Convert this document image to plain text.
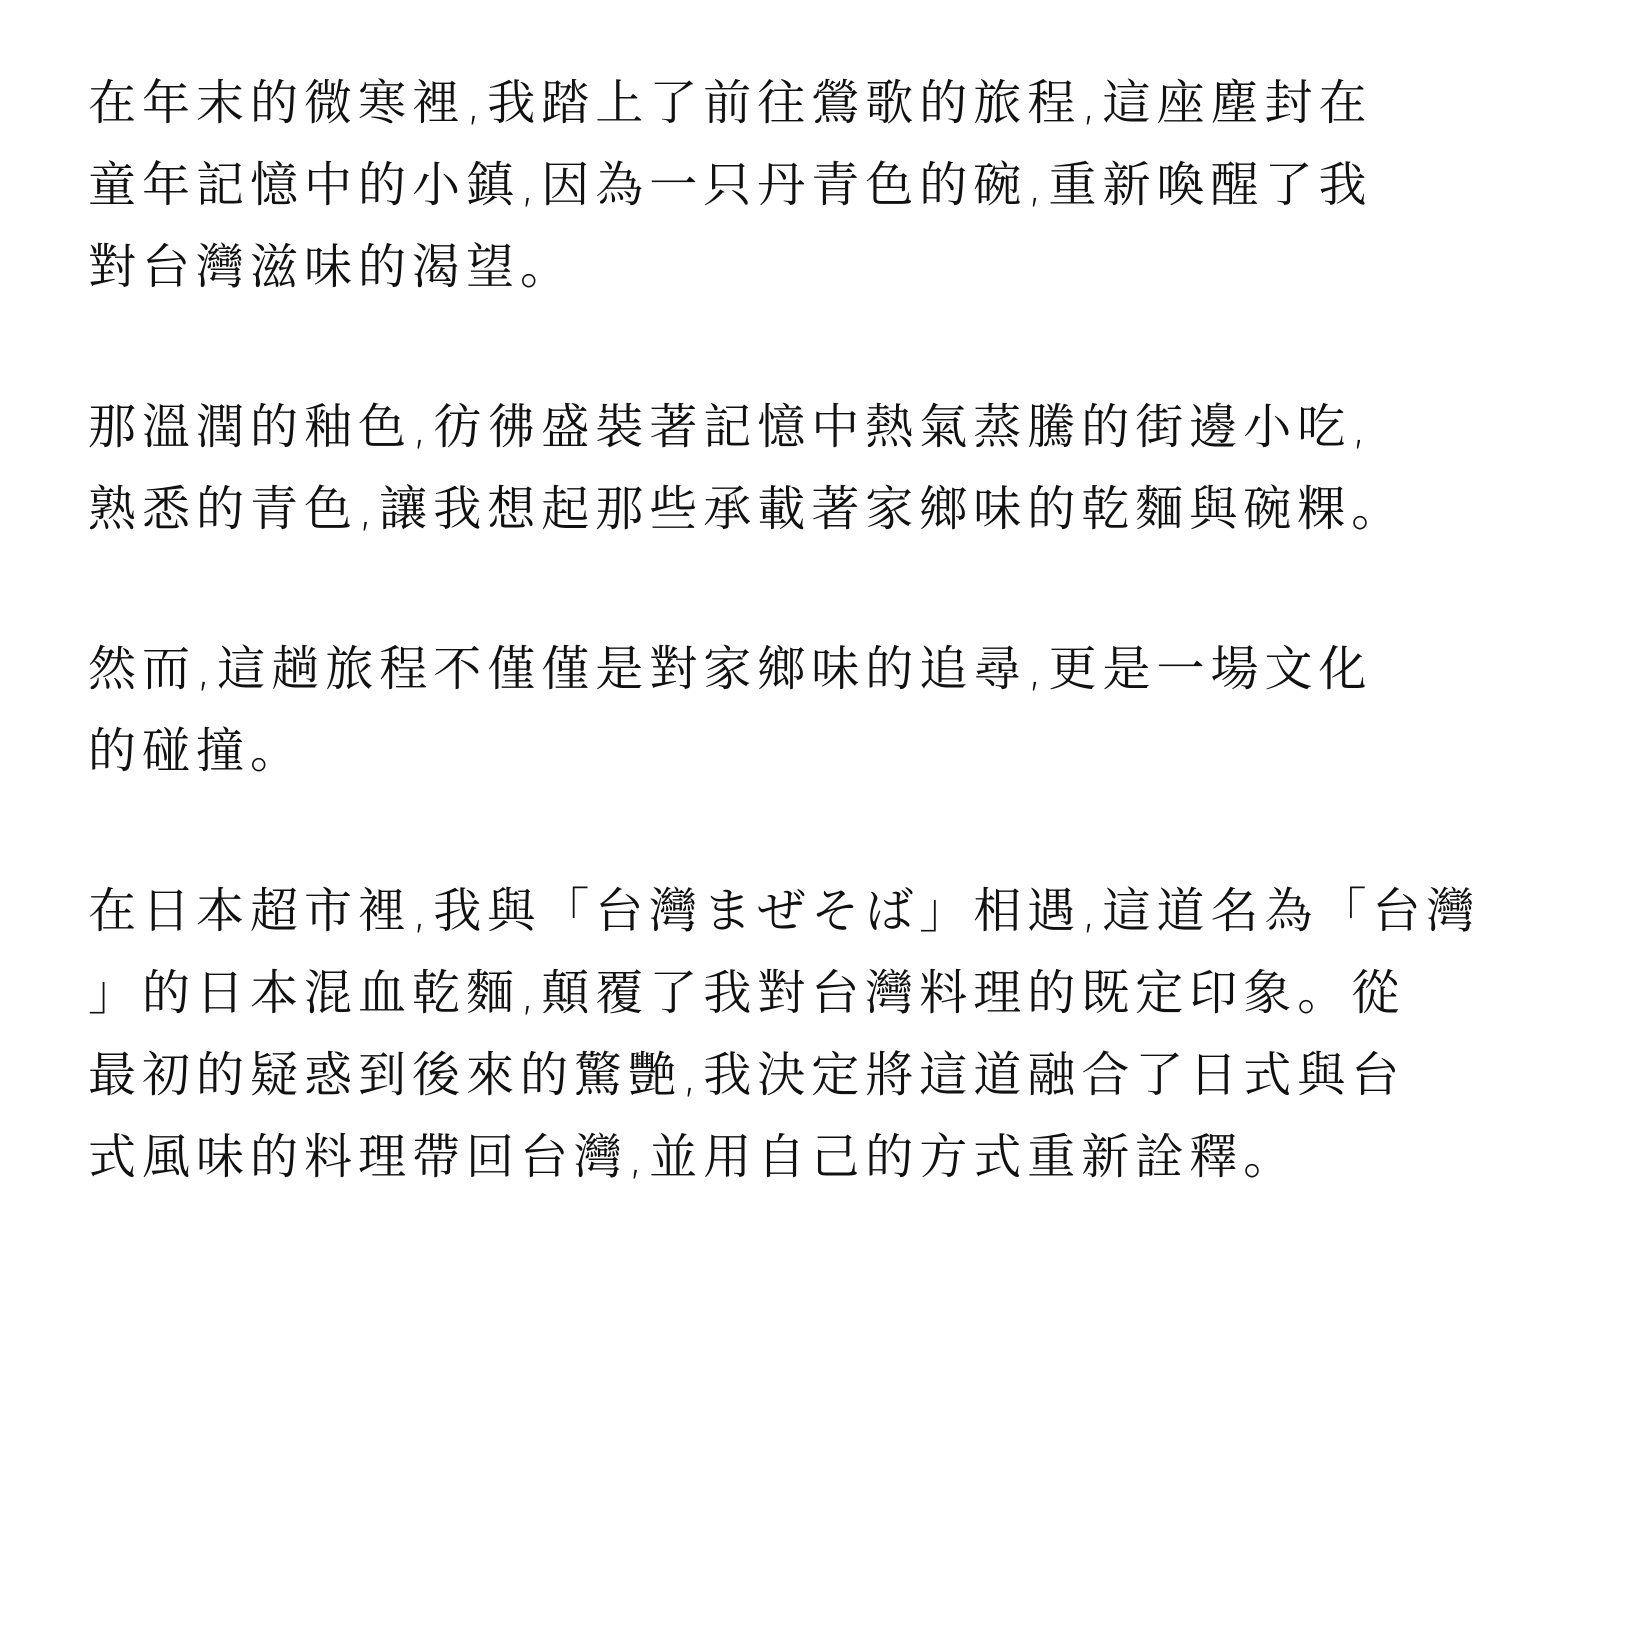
在年末的微寒裡,我踏上了前往鶯歌的旅程,這座塵封在
童年記憶中的小鎮,因為一只丹青色的碗,重新喚醒了我
對台灣滋味的渴望。
那溫潤的釉色,彷彿盛裝著記憶中熱氣蒸騰的街邊小吃,
熟悉的青色,讓我想起那些承載著家鄉味的乾麵與碗粿。
然而,這趟旅程不僅僅是對家鄉味的追尋,更是一場文化
的碰撞。
在日本超市裡,我與「台灣まぜそば」相遇,這道名為「台灣
」的日本混血乾麵,顛覆了我對台灣料理的既定印象。從
最初的疑惑到後來的驚艷,我決定將這道融合了日式與台
式風味的料理帶回台灣,並用自己的方式重新詮釋。
